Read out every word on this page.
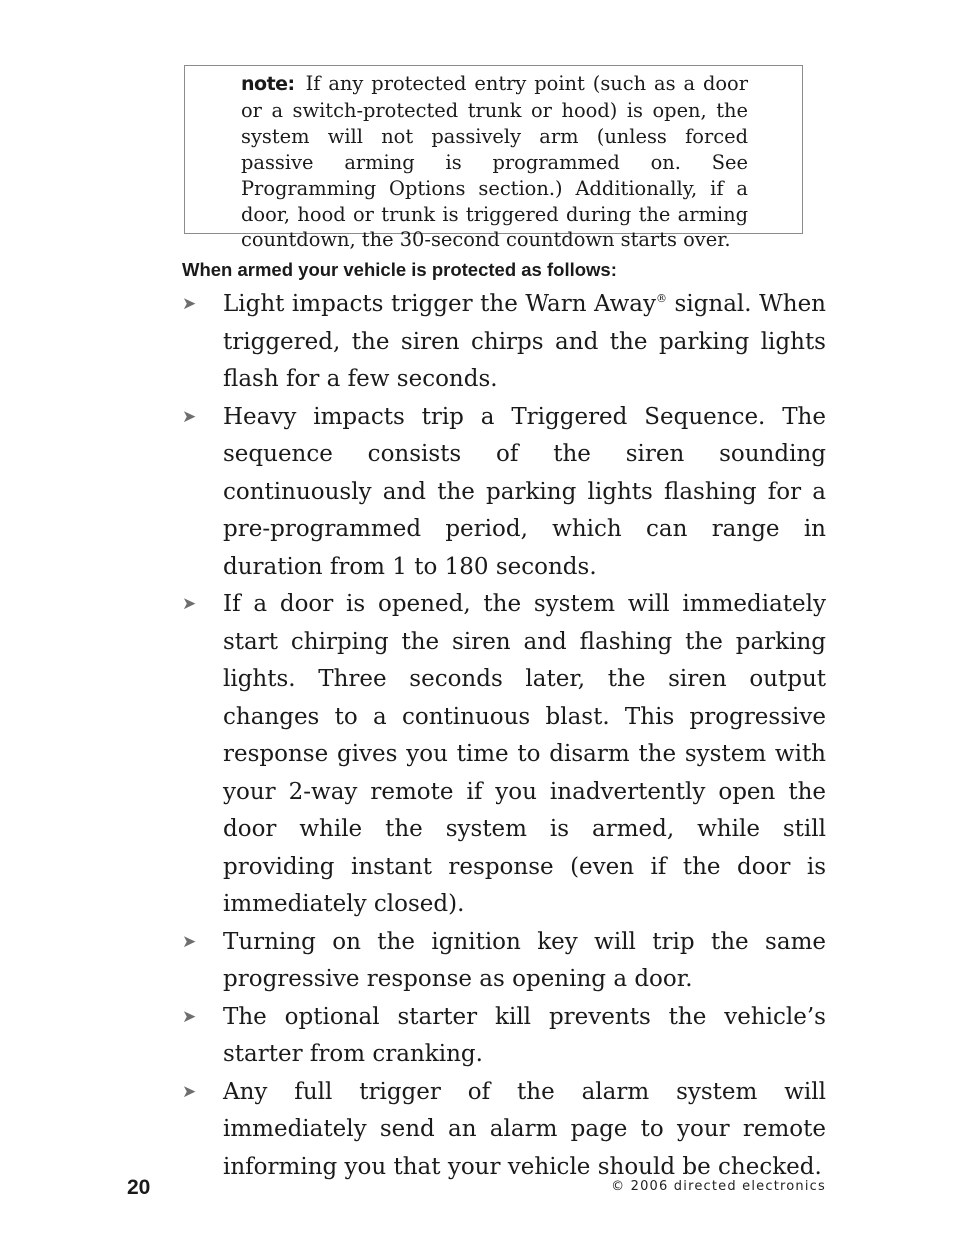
note: If any protected entry point (such as a door or a switch-protected trunk or hood) is open, the system will not passively arm (unless forced passive arming is programmed on. See Programming Options section.) Additionally, if a door, hood or trunk is triggered during the arming countdown, the 30-second countdown starts over.

When armed your vehicle is protected as follows:
➤ Light impacts trigger the Warn Away® signal. When triggered, the siren chirps and the parking lights flash for a few seconds.
➤ Heavy impacts trip a Triggered Sequence. The sequence consists of the siren sounding continuously and the parking lights flashing for a pre-programmed period, which can range in duration from 1 to 180 seconds.
➤ If a door is opened, the system will immediately start chirping the siren and flashing the parking lights. Three seconds later, the siren output changes to a continuous blast. This progressive response gives you time to disarm the system with your 2-way remote if you inadvertently open the door while the system is armed, while still providing instant response (even if the door is immediately closed).
➤ Turning on the ignition key will trip the same progressive response as opening a door.
➤ The optional starter kill prevents the vehicle’s starter from cranking.
➤ Any full trigger of the alarm system will immediately send an alarm page to your remote informing you that your vehicle should be checked.

20	© 2006 directed electronics
